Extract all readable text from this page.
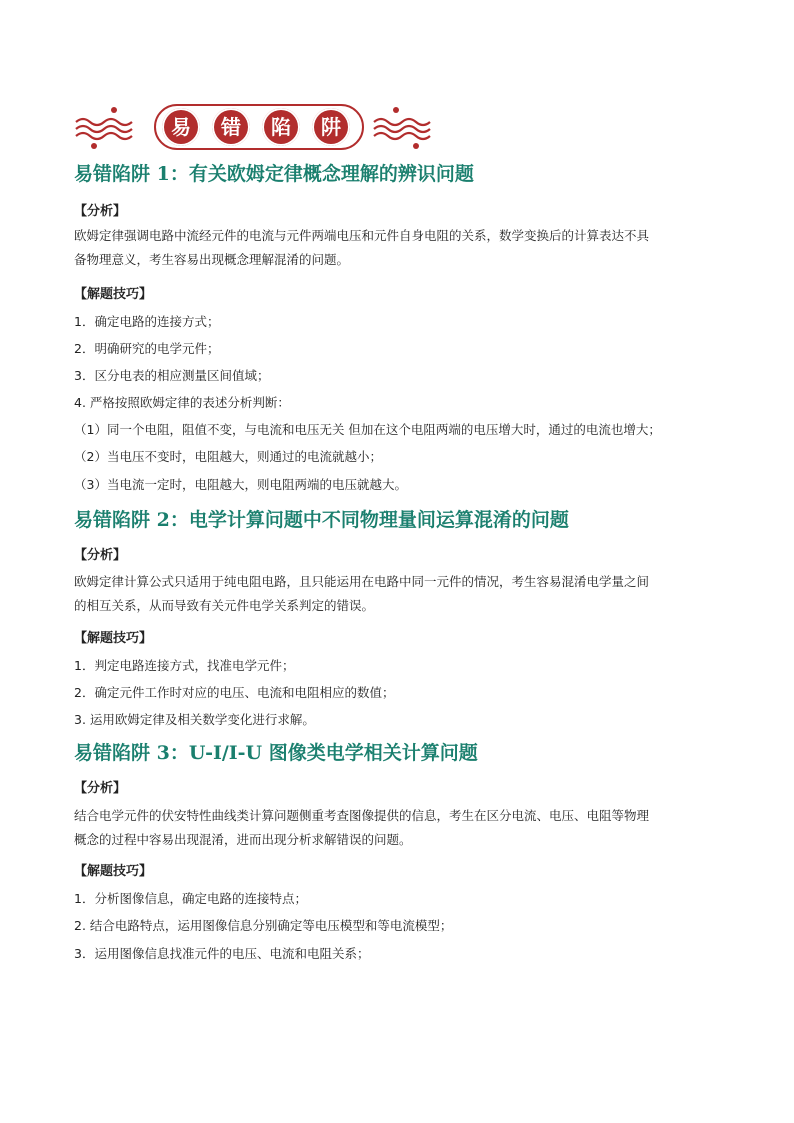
易	错	陷	阱
易错陷阱 1：有关欧姆定律概念理解的辨识问题
【分析】
欧姆定律强调电路中流经元件的电流与元件两端电压和元件自身电阻的关系，数学变换后的计算表达不具
备物理意义，考生容易出现概念理解混淆的问题。
【解题技巧】
1．确定电路的连接方式；
2．明确研究的电学元件；
3．区分电表的相应测量区间值域；
4. 严格按照欧姆定律的表述分析判断：
（1）同一个电阻，阻值不变，与电流和电压无关 但加在这个电阻两端的电压增大时，通过的电流也增大；
（2）当电压不变时，电阻越大，则通过的电流就越小；
（3）当电流一定时，电阻越大，则电阻两端的电压就越大。
易错陷阱 2：电学计算问题中不同物理量间运算混淆的问题
【分析】
欧姆定律计算公式只适用于纯电阻电路，且只能运用在电路中同一元件的情况，考生容易混淆电学量之间
的相互关系，从而导致有关元件电学关系判定的错误。
【解题技巧】
1．判定电路连接方式，找准电学元件；
2．确定元件工作时对应的电压、电流和电阻相应的数值；
3. 运用欧姆定律及相关数学变化进行求解。
易错陷阱 3：U-I/I-U 图像类电学相关计算问题
【分析】
结合电学元件的伏安特性曲线类计算问题侧重考查图像提供的信息，考生在区分电流、电压、电阻等物理
概念的过程中容易出现混淆，进而出现分析求解错误的问题。
【解题技巧】
1．分析图像信息，确定电路的连接特点；
2. 结合电路特点，运用图像信息分别确定等电压模型和等电流模型；
3．运用图像信息找准元件的电压、电流和电阻关系；
